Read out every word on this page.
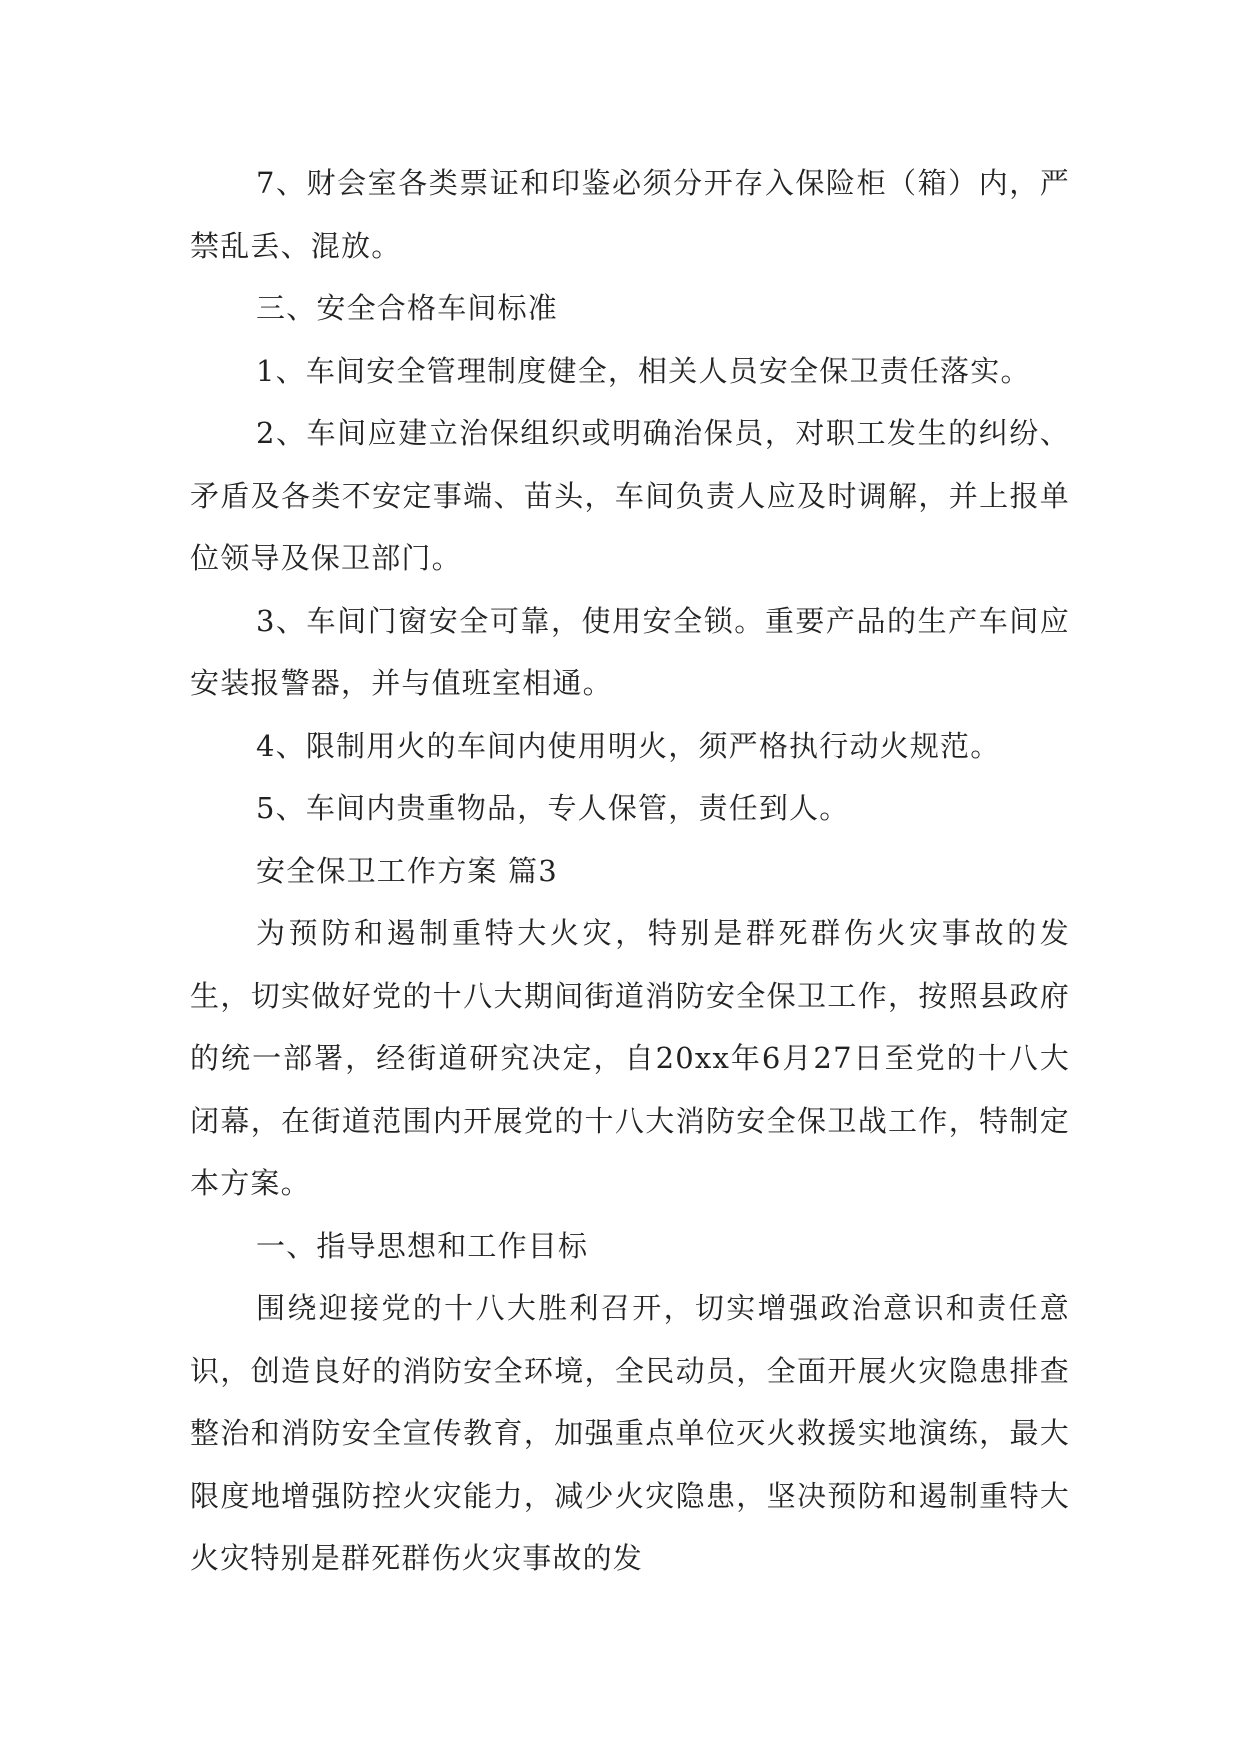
7、财会室各类票证和印鉴必须分开存入保险柜（箱）内，严禁乱丢、混放。

三、安全合格车间标准

1、车间安全管理制度健全，相关人员安全保卫责任落实。

2、车间应建立治保组织或明确治保员，对职工发生的纠纷、矛盾及各类不安定事端、苗头，车间负责人应及时调解，并上报单位领导及保卫部门。

3、车间门窗安全可靠，使用安全锁。重要产品的生产车间应安装报警器，并与值班室相通。

4、限制用火的车间内使用明火，须严格执行动火规范。

5、车间内贵重物品，专人保管，责任到人。

安全保卫工作方案 篇3

为预防和遏制重特大火灾，特别是群死群伤火灾事故的发生，切实做好党的十八大期间街道消防安全保卫工作，按照县政府的统一部署，经街道研究决定，自20xx年6月27日至党的十八大闭幕，在街道范围内开展党的十八大消防安全保卫战工作，特制定本方案。

一、指导思想和工作目标

围绕迎接党的十八大胜利召开，切实增强政治意识和责任意识，创造良好的消防安全环境，全民动员，全面开展火灾隐患排查整治和消防安全宣传教育，加强重点单位灭火救援实地演练，最大限度地增强防控火灾能力，减少火灾隐患，坚决预防和遏制重特大火灾特别是群死群伤火灾事故的发
